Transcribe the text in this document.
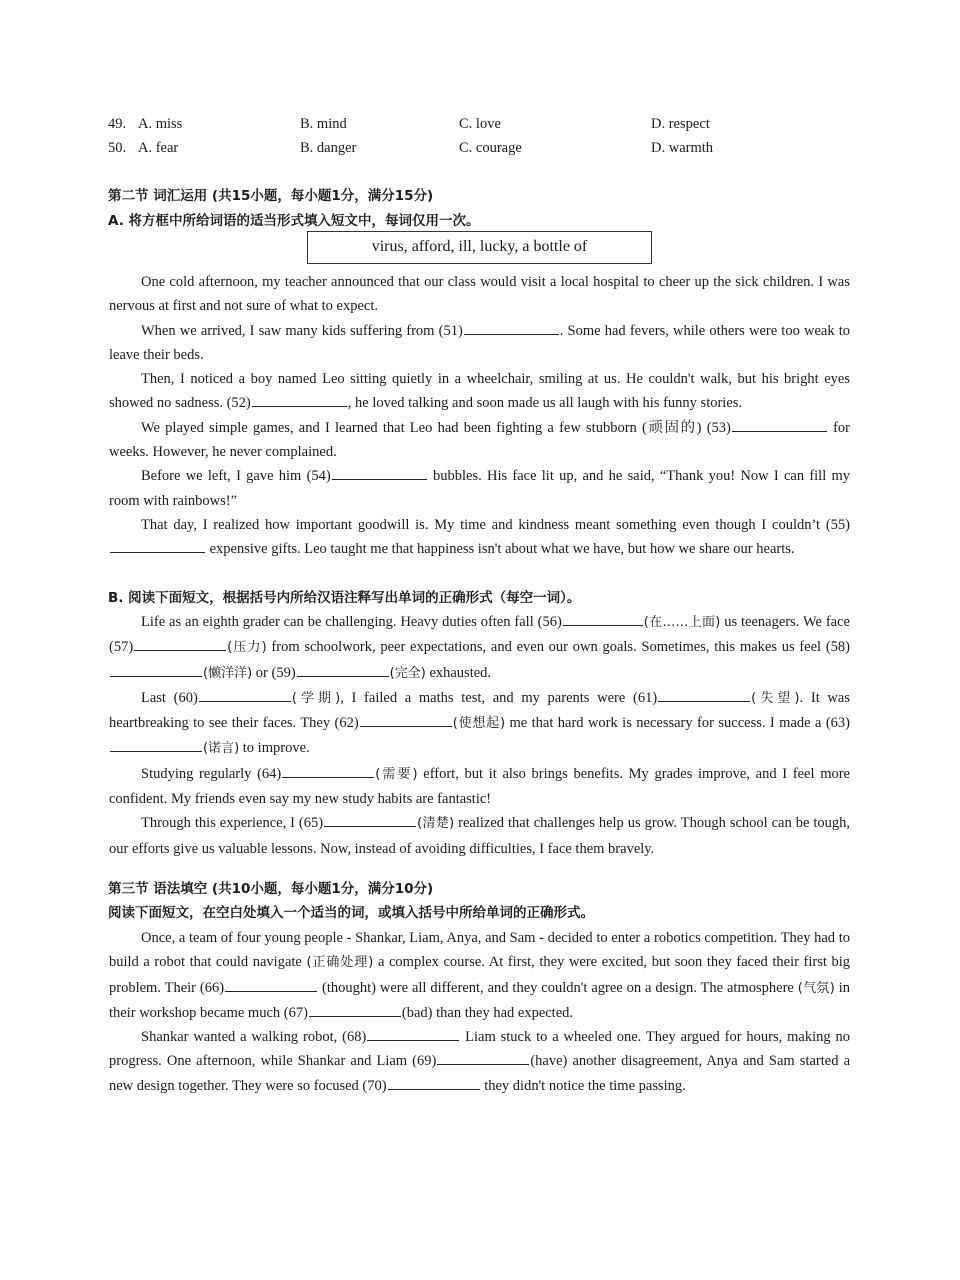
49. A. miss	B. mind	C. love	D. respect
50. A. fear	B. danger	C. courage	D. warmth
第二节 词汇运用 (共15小题，每小题1分，满分15分)
A. 将方框中所给词语的适当形式填入短文中，每词仅用一次。
virus, afford, ill, lucky, a bottle of

One cold afternoon, my teacher announced that our class would visit a local hospital to cheer up the sick children. I was nervous at first and not sure of what to expect.

When we arrived, I saw many kids suffering from (51)	. Some had fevers, while others were too weak to leave their beds.

Then, I noticed a boy named Leo sitting quietly in a wheelchair, smiling at us. He couldn't walk, but his bright eyes showed no sadness. (52)	, he loved talking and soon made us all laugh with his funny stories.

We played simple games, and I learned that Leo had been fighting a few stubborn (顽固的) (53)	for weeks. However, he never complained.

Before we left, I gave him (54)	bubbles. His face lit up, and he said, “Thank you! Now I can fill my room with rainbows!”

That day, I realized how important goodwill is. My time and kindness meant something even though I couldn’t (55) expensive gifts. Leo taught me that happiness isn't about what we have, but how we share our hearts.

B. 阅读下面短文，根据括号内所给汉语注释写出单词的正确形式（每空一词）。

Life as an eighth grader can be challenging. Heavy duties often fall (56)	(在……上面) us teenagers. We face (57)	(压力) from schoolwork, peer expectations, and even our own goals. Sometimes, this makes us feel (58)(懒洋洋) or (59)	(完全) exhausted.

Last (60)	(学期), I failed a maths test, and my parents were (61)	(失望). It was heartbreaking to see their faces. They (62)	(使想起) me that hard work is necessary for success. I made a (63)(诺言) to improve.

Studying regularly (64)	(需要) effort, but it also brings benefits. My grades improve, and I feel more confident. My friends even say my new study habits are fantastic!

Through this experience, I (65)	(清楚) realized that challenges help us grow. Though school can be tough, our efforts give us valuable lessons. Now, instead of avoiding difficulties, I face them bravely.

第三节 语法填空 (共10小题，每小题1分，满分10分)
阅读下面短文，在空白处填入一个适当的词，或填入括号中所给单词的正确形式。

Once, a team of four young people - Shankar, Liam, Anya, and Sam - decided to enter a robotics competition. They had to build a robot that could navigate (正确处理) a complex course. At first, they were excited, but soon they faced their first big problem. Their (66)	(thought) were all different, and they couldn't agree on a design. The atmosphere (气氛) in their workshop became much (67)	(bad) than they had expected.

Shankar wanted a walking robot, (68)	Liam stuck to a wheeled one. They argued for hours, making no progress. One afternoon, while Shankar and Liam (69)	(have) another disagreement, Anya and Sam started a new design together. They were so focused (70)	they didn't notice the time passing.
